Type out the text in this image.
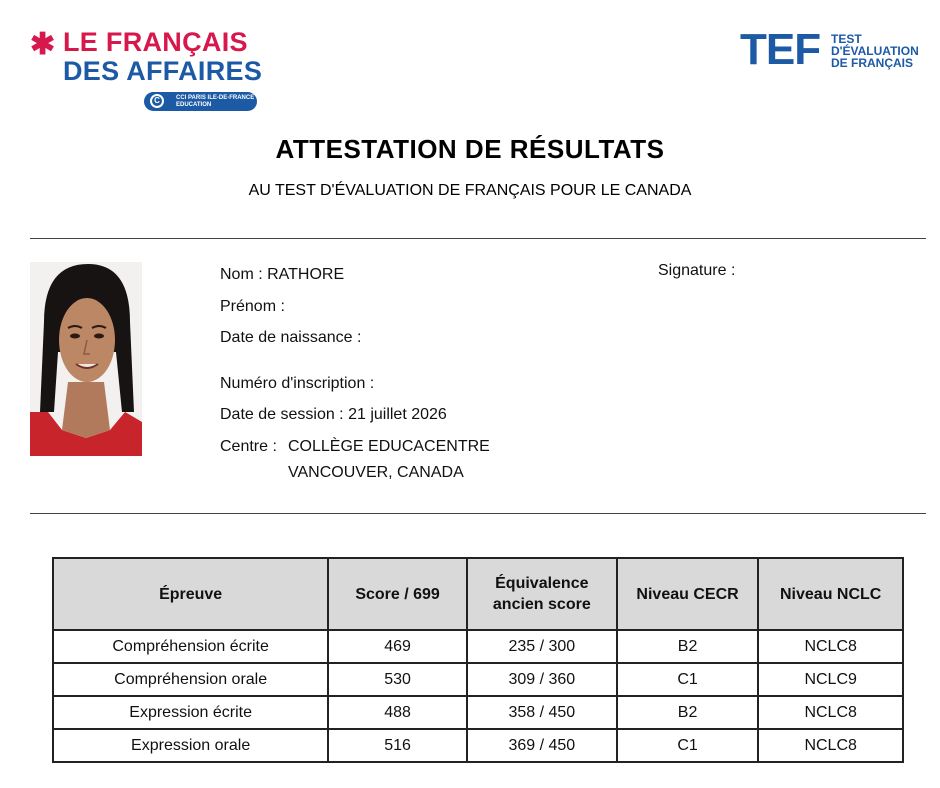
✱ LE FRANÇAIS
DES AFFAIRES
CCI PARIS ILE-DE-FRANCE
EDUCATION
C
TEF TEST
D'ÉVALUATION
DE FRANÇAIS
ATTESTATION DE RÉSULTATS
AU TEST D'ÉVALUATION DE FRANÇAIS POUR LE CANADA
Nom : RATHORE
Prénom :
Date de naissance :
Numéro d'inscription :
Date de session : 21 juillet 2026
Centre : COLLÈGE EDUCACENTRE
VANCOUVER, CANADA
Signature :
Épreuve	Score / 699	Équivalence ancien score	Niveau CECR	Niveau NCLC
Compréhension écrite	469	235 / 300	B2	NCLC8
Compréhension orale	530	309 / 360	C1	NCLC9
Expression écrite	488	358 / 450	B2	NCLC8
Expression orale	516	369 / 450	C1	NCLC8
